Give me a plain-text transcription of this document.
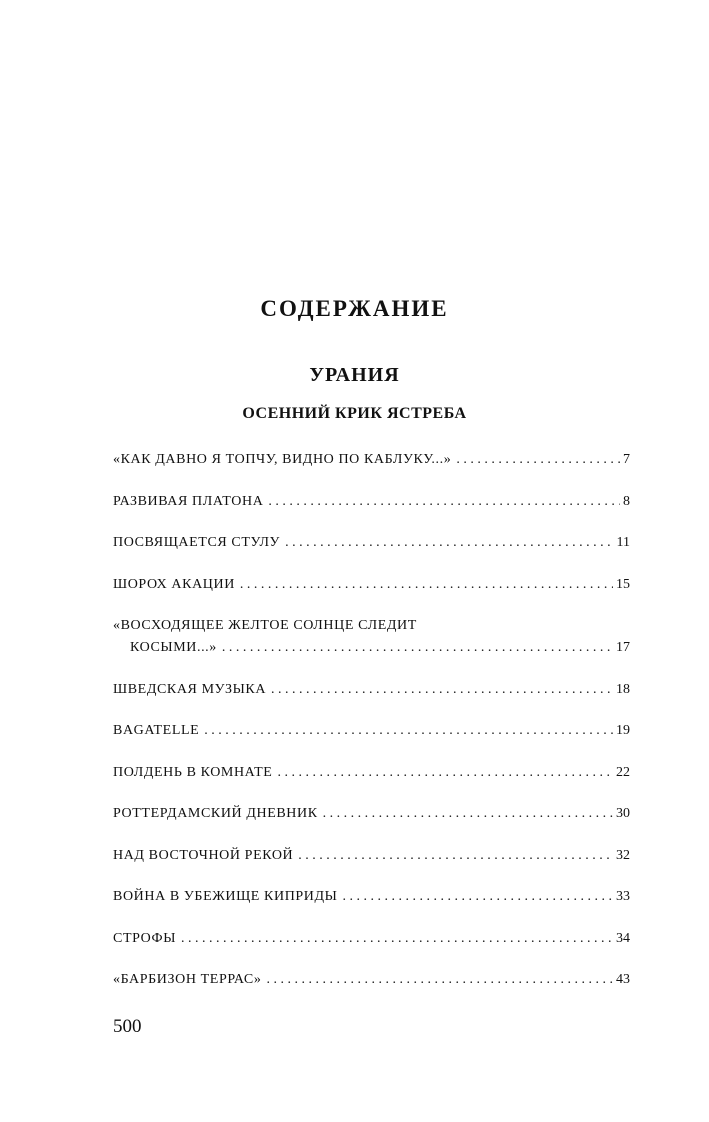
СОДЕРЖАНИЕ
УРАНИЯ
ОСЕННИЙ КРИК ЯСТРЕБА
«КАК ДАВНО Я ТОПЧУ, ВИДНО ПО КАБЛУКУ...» . . .	7
РАЗВИВАЯ ПЛАТОНА . . .	8
ПОСВЯЩАЕТСЯ СТУЛУ . . .	11
ШОРОХ АКАЦИИ . . .	15
«ВОСХОДЯЩЕЕ ЖЕЛТОЕ СОЛНЦЕ СЛЕДИТ
КОСЫМИ...» . . .	17
ШВЕДСКАЯ МУЗЫКА . . .	18
BAGATELLE . . .	19
ПОЛДЕНЬ В КОМНАТЕ . . .	22
РОТТЕРДАМСКИЙ ДНЕВНИК . . .	30
НАД ВОСТОЧНОЙ РЕКОЙ . . .	32
ВОЙНА В УБЕЖИЩЕ КИПРИДЫ . . .	33
СТРОФЫ . . .	34
«БАРБИЗОН ТЕРРАС» . . .	43

500
